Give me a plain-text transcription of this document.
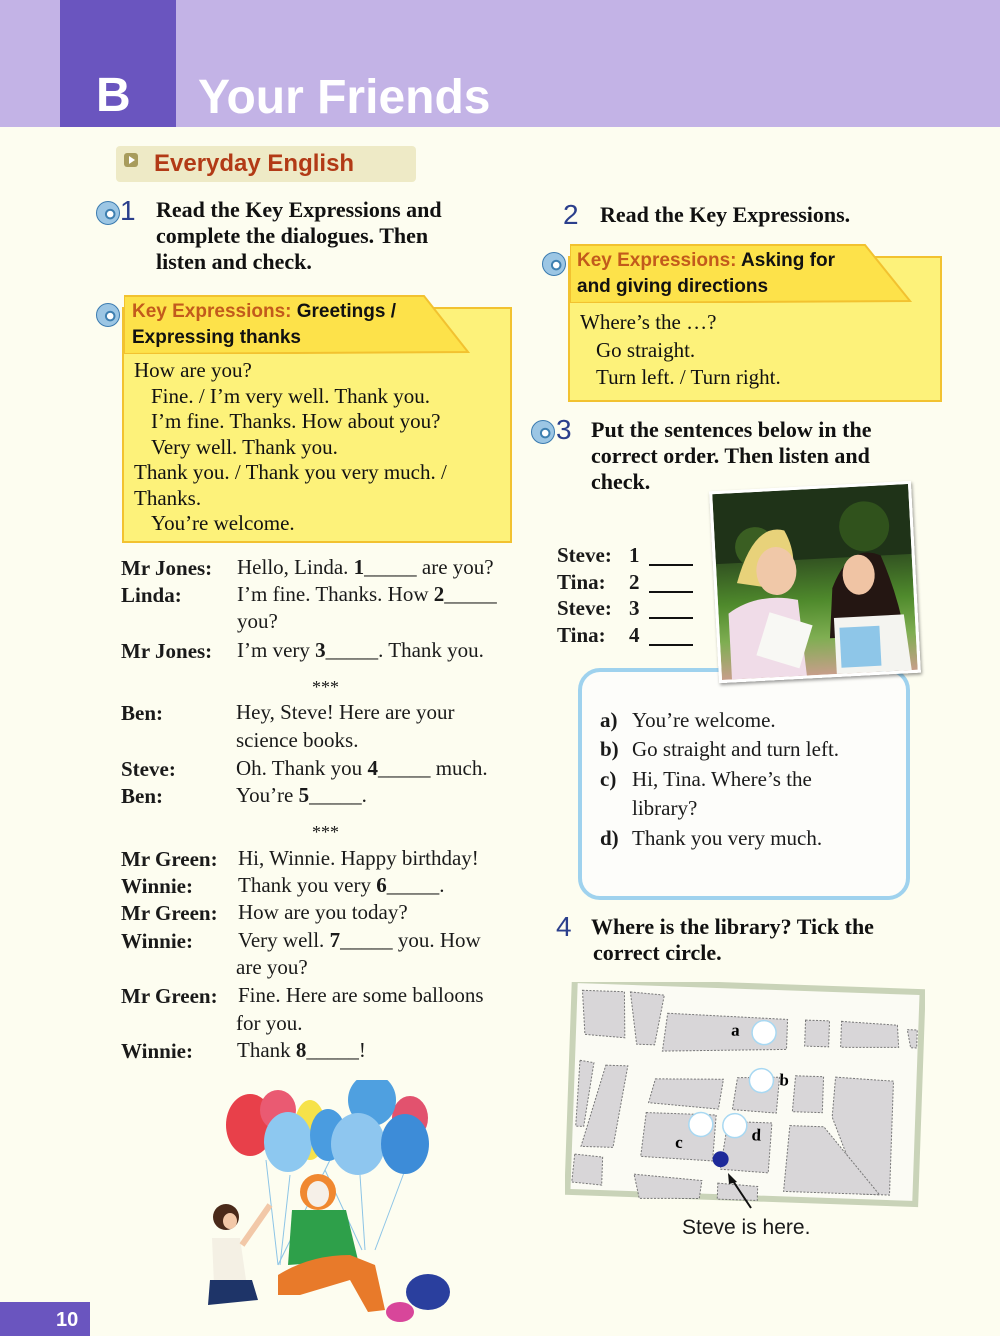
B Your Friends
Everyday English
1 Read the Key Expressions and
complete the dialogues. Then
listen and check.
Key Expressions: Greetings /
Expressing thanks
How are you?
Fine. / I’m very well. Thank you.
I’m fine. Thanks. How about you?
Very well. Thank you.
Thank you. / Thank you very much. /
Thanks.
You’re welcome.
Mr Jones: Hello, Linda. 1_____ are you?
Linda:	I’m fine. Thanks. How 2_____
you?
Mr Jones: I’m very 3_____. Thank you.
***
Ben:	Hey, Steve! Here are your
science books.
Steve:	Oh. Thank you 4_____ much.
Ben:	You’re 5_____.
***
Mr Green: Hi, Winnie. Happy birthday!
Winnie: Thank you very 6_____.
Mr Green: How are you today?
Winnie: Very well. 7_____ you. How
are you?
Mr Green: Fine. Here are some balloons
for you.
Winnie: Thank 8_____!
2 Read the Key Expressions.
Key Expressions: Asking for
and giving directions
Where’s the …?
Go straight.
Turn left. / Turn right.
3 Put the sentences below in the
correct order. Then listen and
check.
Steve: 1
Tina: 2
Steve: 3
Tina: 4
a) You’re welcome.
b) Go straight and turn left.
c) Hi, Tina. Where’s the
library?
d) Thank you very much.
4 Where is the library? Tick the
correct circle.
a
b
c	d
Steve is here.
10
